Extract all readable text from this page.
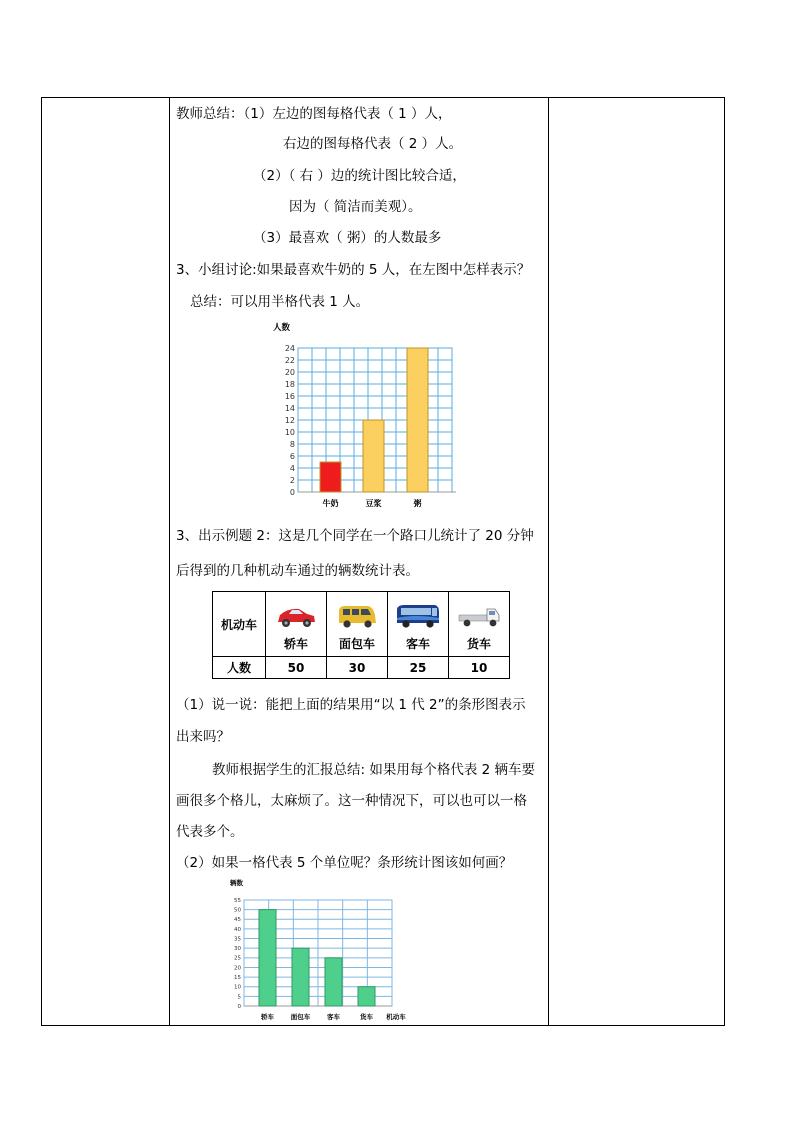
教师总结：（1）左边的图每格代表（ 1 ）人，
右边的图每格代表（ 2 ）人。
（2）（ 右 ）边的统计图比较合适，
因为（ 简洁而美观）。
（3）最喜欢（ 粥）的人数最多
3、小组讨论:如果最喜欢牛奶的 5 人，在左图中怎样表示？
总结：可以用半格代表 1 人。
0
2
4
6
8
10
12
14
16
18
20
22
24
牛奶	豆浆	粥
人数
3、出示例题 2：这是几个同学在一个路口儿统计了 20 分钟
后得到的几种机动车通过的辆数统计表。
机动车	轿车	面包车	客车	货车

人数	50	30	25	10
（1）说一说：能把上面的结果用“以 1 代 2”的条形图表示
出来吗？
教师根据学生的汇报总结: 如果用每个格代表 2 辆车要
画很多个格儿，太麻烦了。这一种情况下，可以也可以一格
代表多个。
（2）如果一格代表 5 个单位呢？条形统计图该如何画？
0
5
10
15
20
25
30
35
40
45
50
55
轿车	面包车	客车	货车
辆数
机动车
